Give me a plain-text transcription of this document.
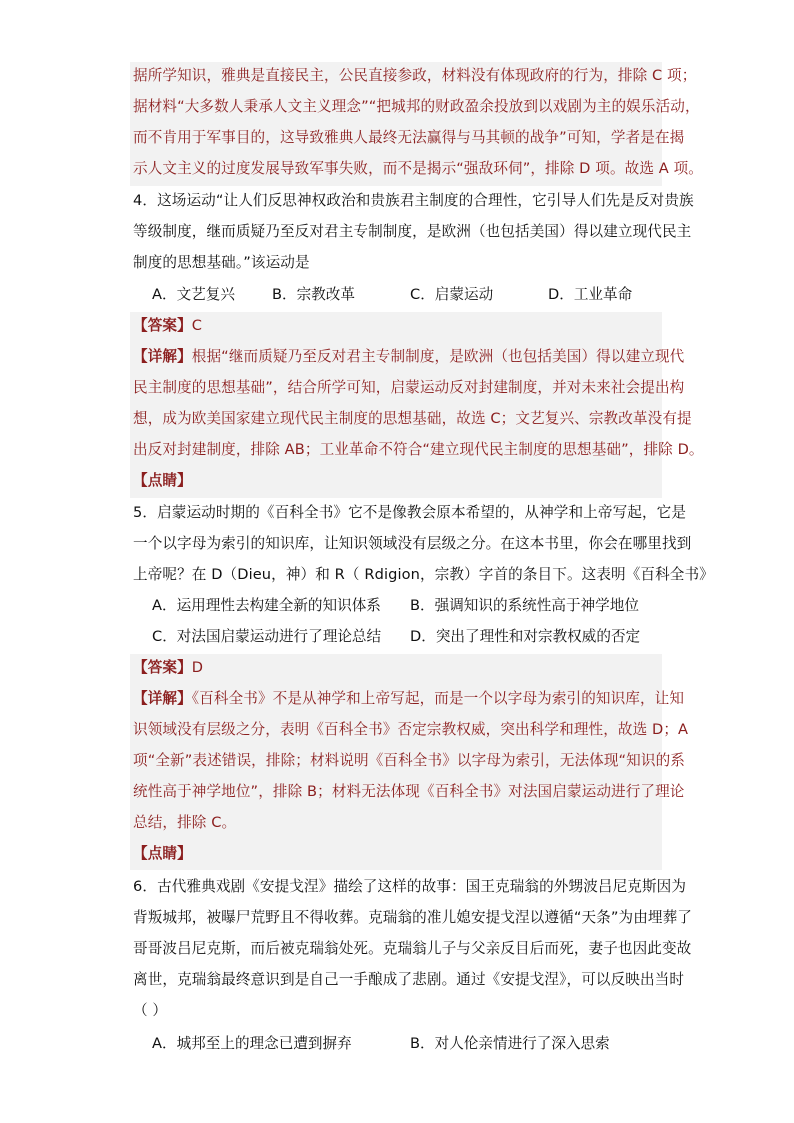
据所学知识，雅典是直接民主，公民直接参政，材料没有体现政府的行为，排除 C 项；
据材料“大多数人秉承人文主义理念”“把城邦的财政盈余投放到以戏剧为主的娱乐活动，
而不肯用于军事目的，这导致雅典人最终无法赢得与马其顿的战争”可知，学者是在揭
示人文主义的过度发展导致军事失败，而不是揭示“强敌环伺”，排除 D 项。故选 A 项。
4．这场运动“让人们反思神权政治和贵族君主制度的合理性，它引导人们先是反对贵族
等级制度，继而质疑乃至反对君主专制制度，是欧洲（也包括美国）得以建立现代民主
制度的思想基础。”该运动是
A．文艺复兴	B．宗教改革	C．启蒙运动	D．工业革命
【答案】C
【详解】根据“继而质疑乃至反对君主专制制度，是欧洲（也包括美国）得以建立现代
民主制度的思想基础”，结合所学可知，启蒙运动反对封建制度，并对未来社会提出构
想，成为欧美国家建立现代民主制度的思想基础，故选 C；文艺复兴、宗教改革没有提
出反对封建制度，排除 AB；工业革命不符合“建立现代民主制度的思想基础”，排除 D。
【点睛】
5．启蒙运动时期的《百科全书》它不是像教会原本希望的，从神学和上帝写起，它是
一个以字母为索引的知识库，让知识领域没有层级之分。在这本书里，你会在哪里找到
上帝呢？在 D（Dieu，神）和 R（ Rdigion，宗教）字首的条目下。这表明《百科全书》
A．运用理性去构建全新的知识体系 B．强调知识的系统性高于神学地位
C．对法国启蒙运动进行了理论总结 D．突出了理性和对宗教权威的否定
【答案】D
【详解】《百科全书》不是从神学和上帝写起，而是一个以字母为索引的知识库，让知
识领域没有层级之分，表明《百科全书》否定宗教权威，突出科学和理性，故选 D；A
项“全新”表述错误，排除；材料说明《百科全书》以字母为索引，无法体现“知识的系
统性高于神学地位”，排除 B；材料无法体现《百科全书》对法国启蒙运动进行了理论
总结，排除 C。
【点睛】
6．古代雅典戏剧《安提戈涅》描绘了这样的故事：国王克瑞翁的外甥波吕尼克斯因为
背叛城邦，被曝尸荒野且不得收葬。克瑞翁的准儿媳安提戈涅以遵循“天条”为由埋葬了
哥哥波吕尼克斯，而后被克瑞翁处死。克瑞翁儿子与父亲反目后而死，妻子也因此变故
离世，克瑞翁最终意识到是自己一手酿成了悲剧。通过《安提戈涅》，可以反映出当时
（ ）
A．城邦至上的理念已遭到摒弃	B．对人伦亲情进行了深入思索
